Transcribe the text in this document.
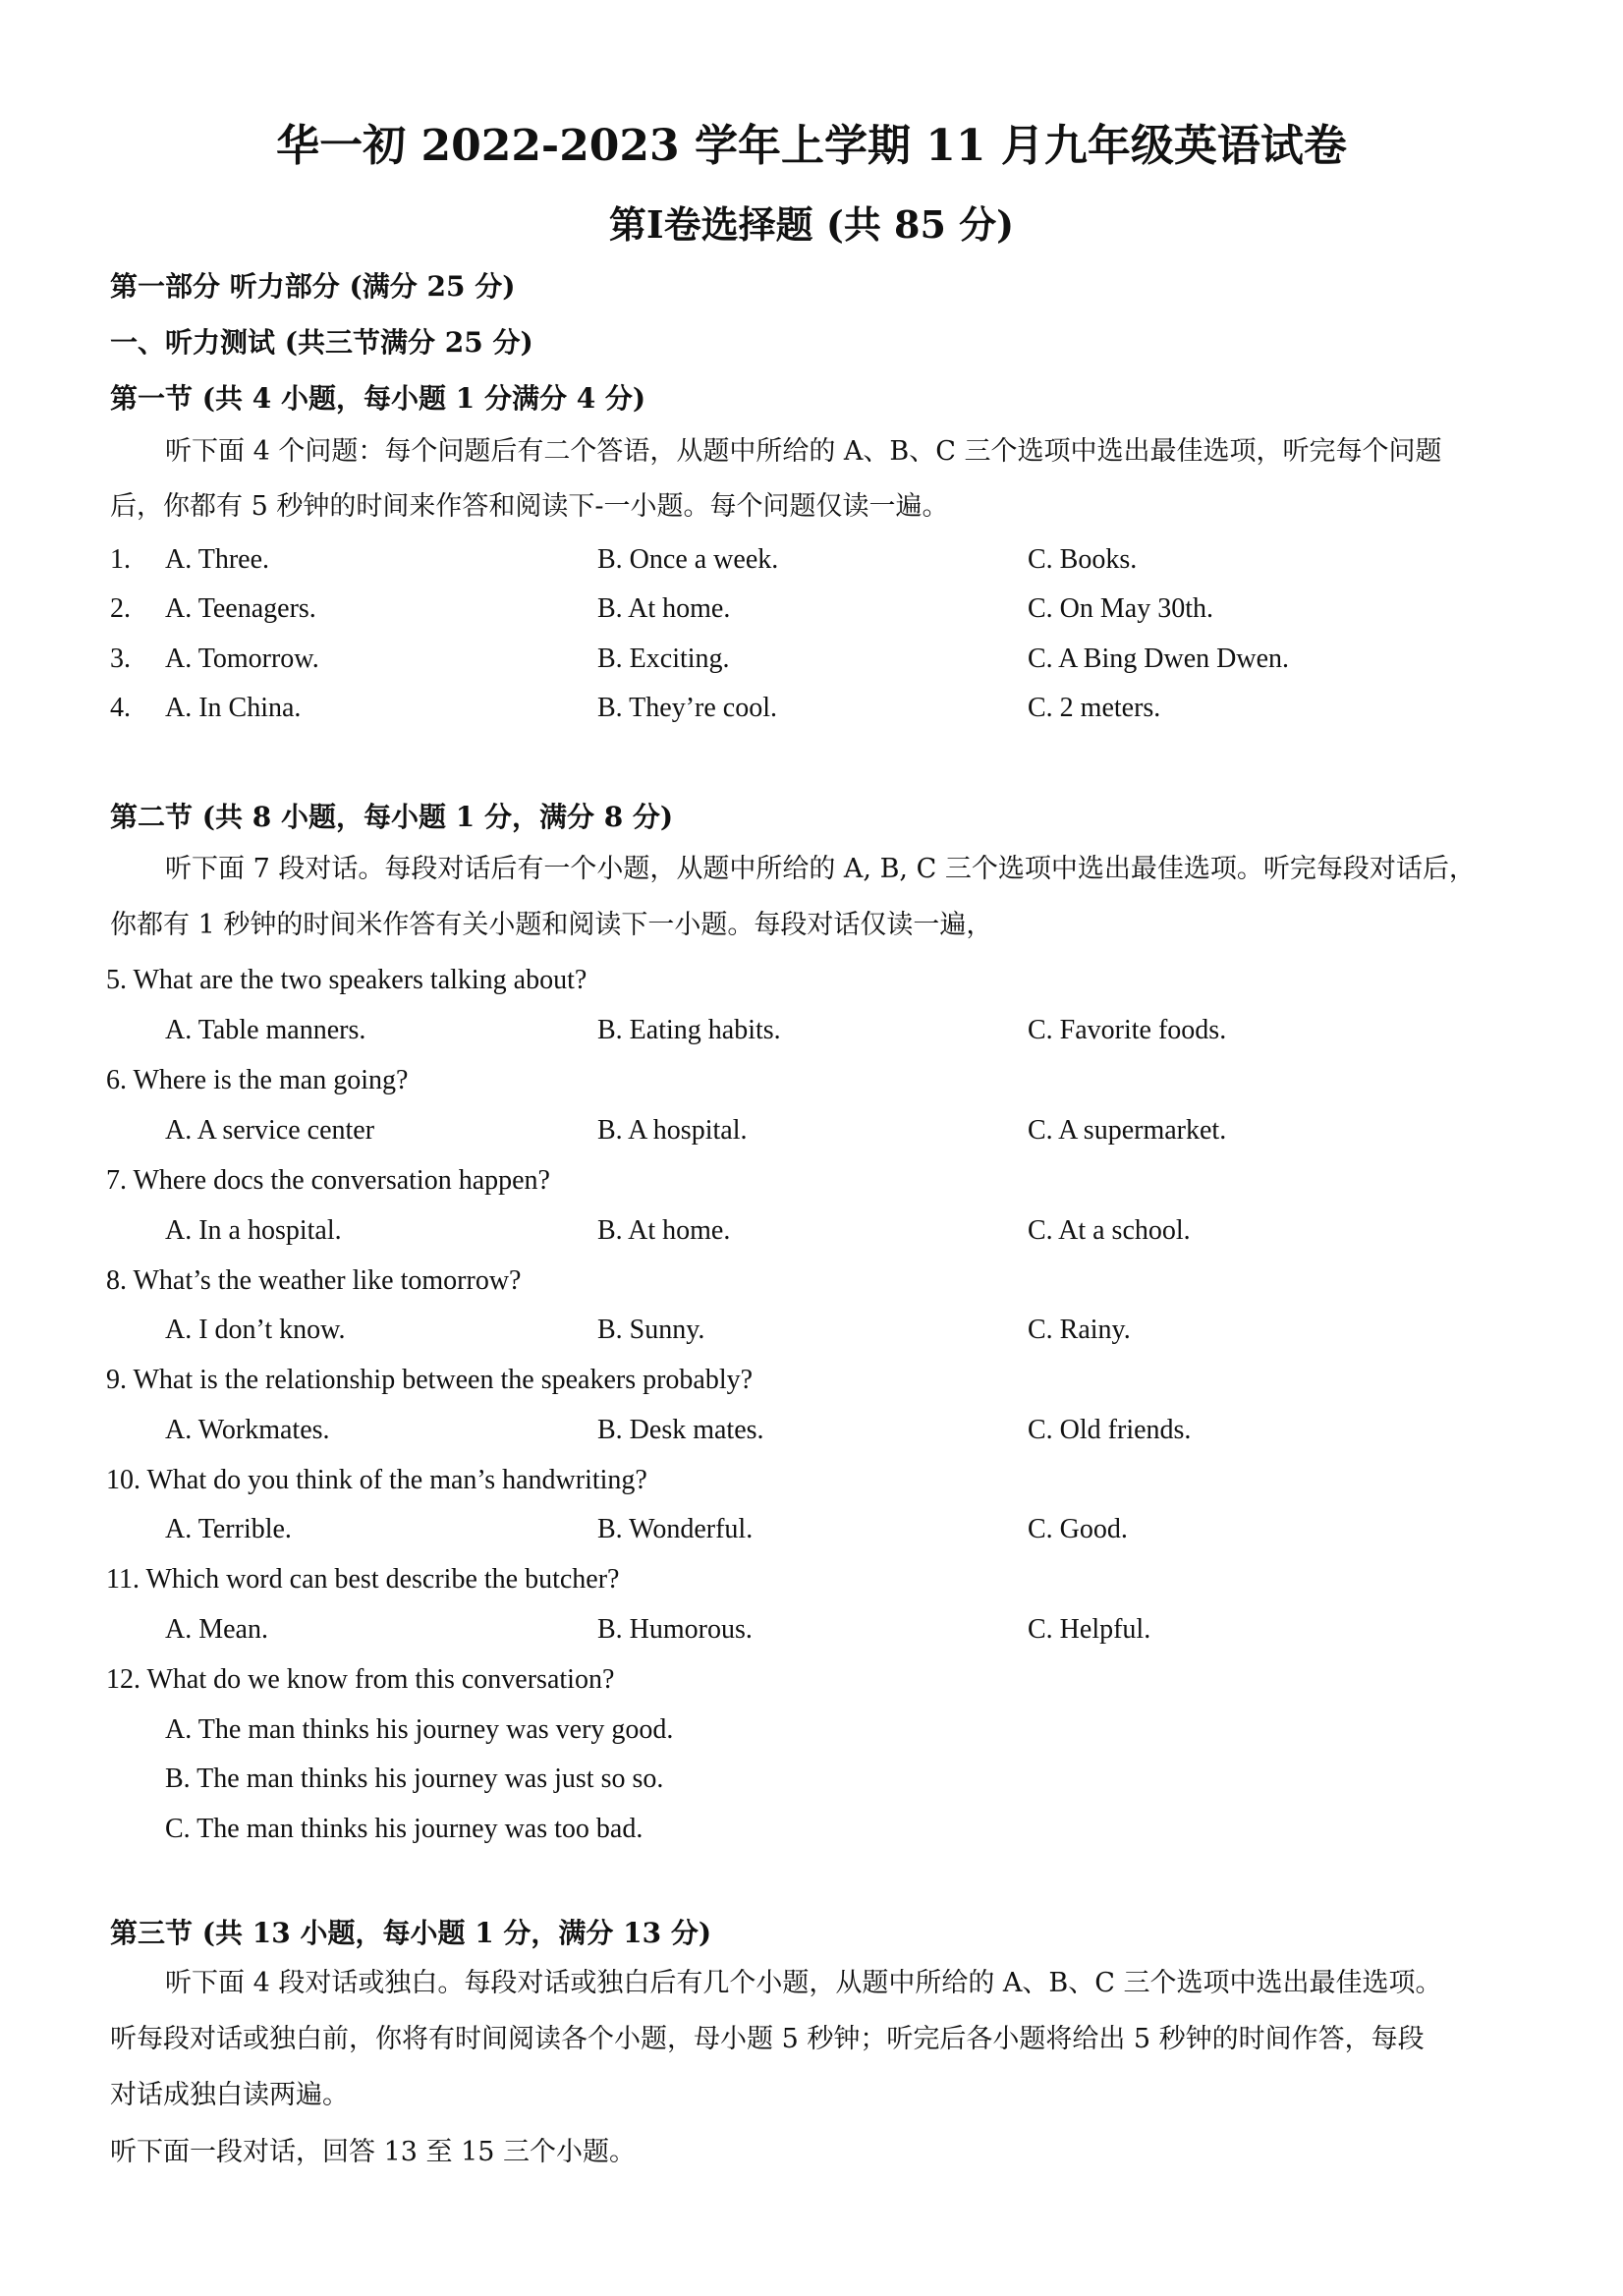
华一初 2022-2023 学年上学期 11 月九年级英语试卷
第Ⅰ卷选择题 (共 85 分)
第一部分 听力部分 (满分 25 分)
一、听力测试 (共三节满分 25 分)
第一节 (共 4 小题，每小题 1 分满分 4 分)
听下面 4 个问题：每个问题后有二个答语，从题中所给的 A、B、C 三个选项中选出最佳选项，听完每个问题
后，你都有 5 秒钟的时间来作答和阅读下-一小题。每个问题仅读一遍。
1. A. Three.	B. Once a week.	C. Books.
2. A. Teenagers.	B. At home.	C. On May 30th.
3. A. Tomorrow.	B. Exciting.	C. A Bing Dwen Dwen.
4. A. In China.	B. They’re cool.	C. 2 meters.
第二节 (共 8 小题，每小题 1 分，满分 8 分)
听下面 7 段对话。每段对话后有一个小题，从题中所给的 A, B, C 三个选项中选出最佳选项。听完每段对话后，
你都有 1 秒钟的时间米作答有关小题和阅读下一小题。每段对话仅读一遍，
5. What are the two speakers talking about?
A. Table manners.	B. Eating habits.	C. Favorite foods.
6. Where is the man going?
A. A service center	B. A hospital.	C. A supermarket.
7. Where docs the conversation happen?
A. In a hospital.	B. At home.	C. At a school.
8. What’s the weather like tomorrow?
A. I don’t know.	B. Sunny.	C. Rainy.
9. What is the relationship between the speakers probably?
A. Workmates.	B. Desk mates.	C. Old friends.
10. What do you think of the man’s handwriting?
A. Terrible.	B. Wonderful.	C. Good.
11. Which word can best describe the butcher?
A. Mean.	B. Humorous.	C. Helpful.
12. What do we know from this conversation?
A. The man thinks his journey was very good.
B. The man thinks his journey was just so so.
C. The man thinks his journey was too bad.
第三节 (共 13 小题，每小题 1 分，满分 13 分)
听下面 4 段对话或独白。每段对话或独白后有几个小题，从题中所给的 A、B、C 三个选项中选出最佳选项。
听每段对话或独白前，你将有时间阅读各个小题，母小题 5 秒钟；听完后各小题将给出 5 秒钟的时间作答，每段
对话成独白读两遍。
听下面一段对话，回答 13 至 15 三个小题。
